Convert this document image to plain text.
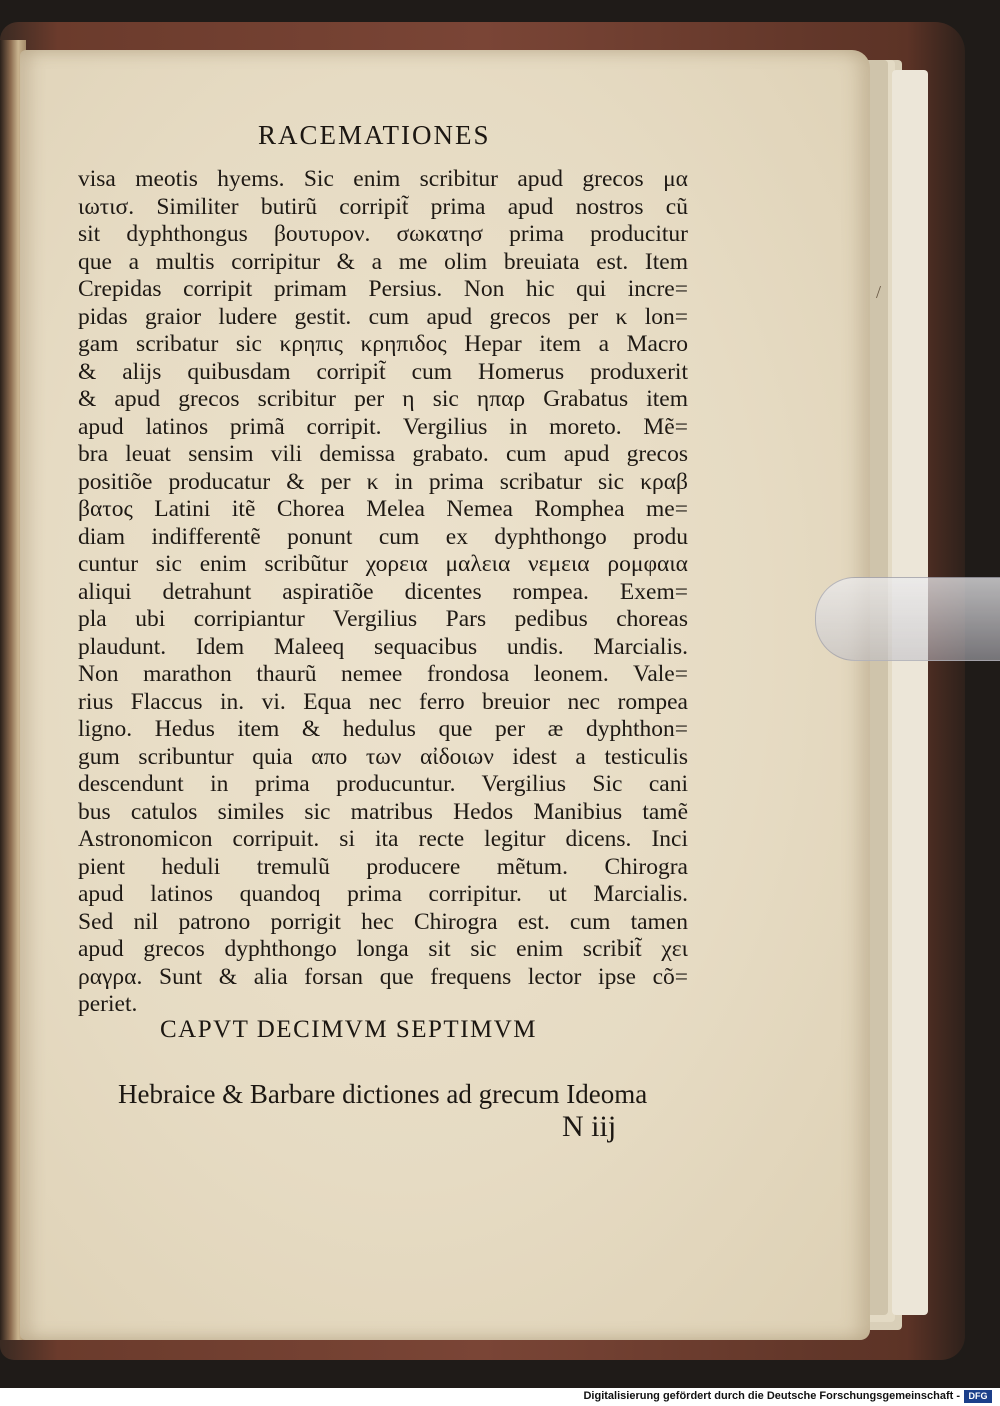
RACEMATIONES
visa meotis hyems. Sic enim scribitur apud grecos μα
ιωτισ. Similiter butirũ corripit̃ prima apud nostros cũ
sit dyphthongus βουτυρον. σωκατησ prima producitur
que a multis corripitur & a me olim breuiata est. Item
Crepidas corripit primam Persius. Non hic qui incre=
pidas graior ludere gestit. cum apud grecos per κ lon=
gam scribatur sic κρηπις κρηπιδος Hepar item a Macro
& alijs quibusdam corripit̃ cum Homerus produxerit
& apud grecos scribitur per η sic ηπαρ Grabatus item
apud latinos primã corripit. Vergilius in moreto. Mẽ=
bra leuat sensim vili demissa grabato. cum apud grecos
positiõe producatur & per κ in prima scribatur sic κραβ
βατος Latini itẽ Chorea Melea Nemea Romphea me=
diam indifferentẽ ponunt cum ex dyphthongo produ
cuntur sic enim scribũtur χορεια μαλεια νεμεια ρομφαια
aliqui detrahunt aspiratiõe dicentes rompea. Exem=
pla ubi corripiantur Vergilius Pars pedibus choreas
plaudunt. Idem Maleeq sequacibus undis. Marcialis.
Non marathon thaurũ nemee frondosa leonem. Vale=
rius Flaccus in. vi. Equa nec ferro breuior nec rompea
ligno. Hedus item & hedulus que per æ dyphthon=
gum scribuntur quia απο των αἰδοιων idest a testiculis
descendunt in prima producuntur. Vergilius Sic cani
bus catulos similes sic matribus Hedos Manibius tamẽ
Astronomicon corripuit. si ita recte legitur dicens. Inci
pient heduli tremulũ producere mẽtum. Chirogra
apud latinos quandoq prima corripitur. ut Marcialis.
Sed nil patrono porrigit hec Chirogra est. cum tamen
apud grecos dyphthongo longa sit sic enim scribit̃ χει
ραγρα. Sunt & alia forsan que frequens lector ipse cõ=
periet.
CAPVT DECIMVM SEPTIMVM
Hebraice & Barbare dictiones ad grecum Ideoma
N iij
/
Digitalisierung gefördert durch die Deutsche Forschungsgemeinschaft - DFG
